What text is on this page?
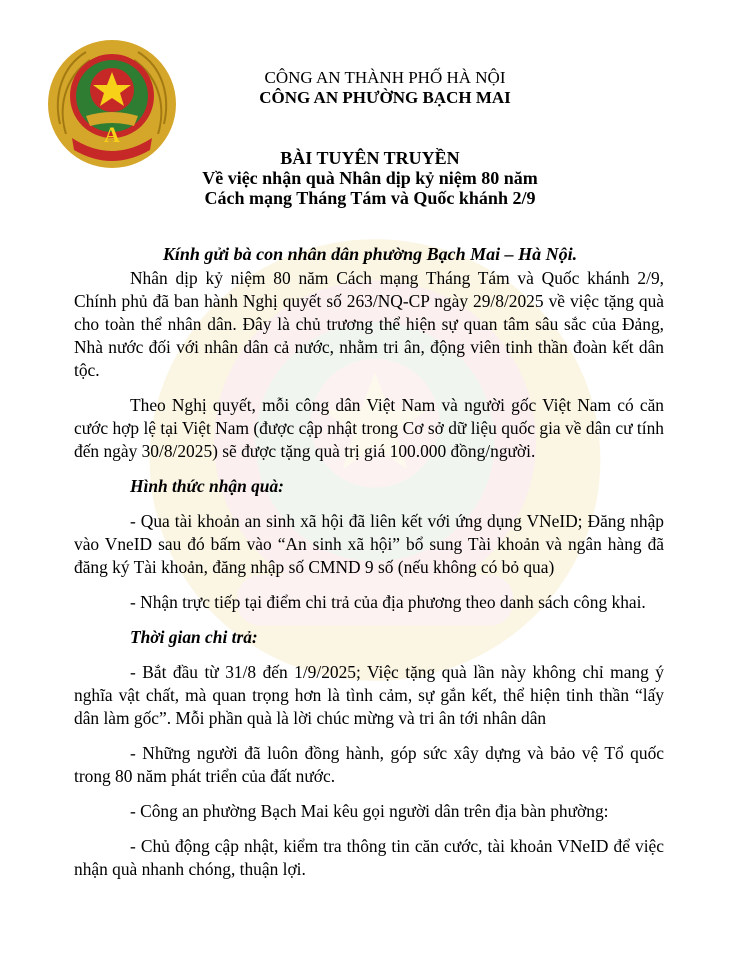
A
CÔNG AN THÀNH PHỐ HÀ NỘI
CÔNG AN PHƯỜNG BẠCH MAI
BÀI TUYÊN TRUYỀN
Về việc nhận quà Nhân dịp kỷ niệm 80 năm
Cách mạng Tháng Tám và Quốc khánh 2/9
Kính gửi bà con nhân dân phường Bạch Mai – Hà Nội.

Nhân dịp kỷ niệm 80 năm Cách mạng Tháng Tám và Quốc khánh 2/9, Chính phủ đã ban hành Nghị quyết số 263/NQ-CP ngày 29/8/2025 về việc tặng quà cho toàn thể nhân dân. Đây là chủ trương thể hiện sự quan tâm sâu sắc của Đảng, Nhà nước đối với nhân dân cả nước, nhằm tri ân, động viên tinh thần đoàn kết dân tộc.

Theo Nghị quyết, mỗi công dân Việt Nam và người gốc Việt Nam có căn cước hợp lệ tại Việt Nam (được cập nhật trong Cơ sở dữ liệu quốc gia về dân cư tính đến ngày 30/8/2025) sẽ được tặng quà trị giá 100.000 đồng/người.

Hình thức nhận quà:

- Qua tài khoản an sinh xã hội đã liên kết với ứng dụng VNeID; Đăng nhập vào VneID sau đó bấm vào “An sinh xã hội” bổ sung Tài khoản và ngân hàng đã đăng ký Tài khoản, đăng nhập số CMND 9 số (nếu không có bỏ qua)

- Nhận trực tiếp tại điểm chi trả của địa phương theo danh sách công khai.

Thời gian chi trả:

- Bắt đầu từ 31/8 đến 1/9/2025; Việc tặng quà lần này không chỉ mang ý nghĩa vật chất, mà quan trọng hơn là tình cảm, sự gắn kết, thể hiện tinh thần “lấy dân làm gốc”. Mỗi phần quà là lời chúc mừng và tri ân tới nhân dân

- Những người đã luôn đồng hành, góp sức xây dựng và bảo vệ Tổ quốc trong 80 năm phát triển của đất nước.

- Công an phường Bạch Mai kêu gọi người dân trên địa bàn phường:

- Chủ động cập nhật, kiểm tra thông tin căn cước, tài khoản VNeID để việc nhận quà nhanh chóng, thuận lợi.
